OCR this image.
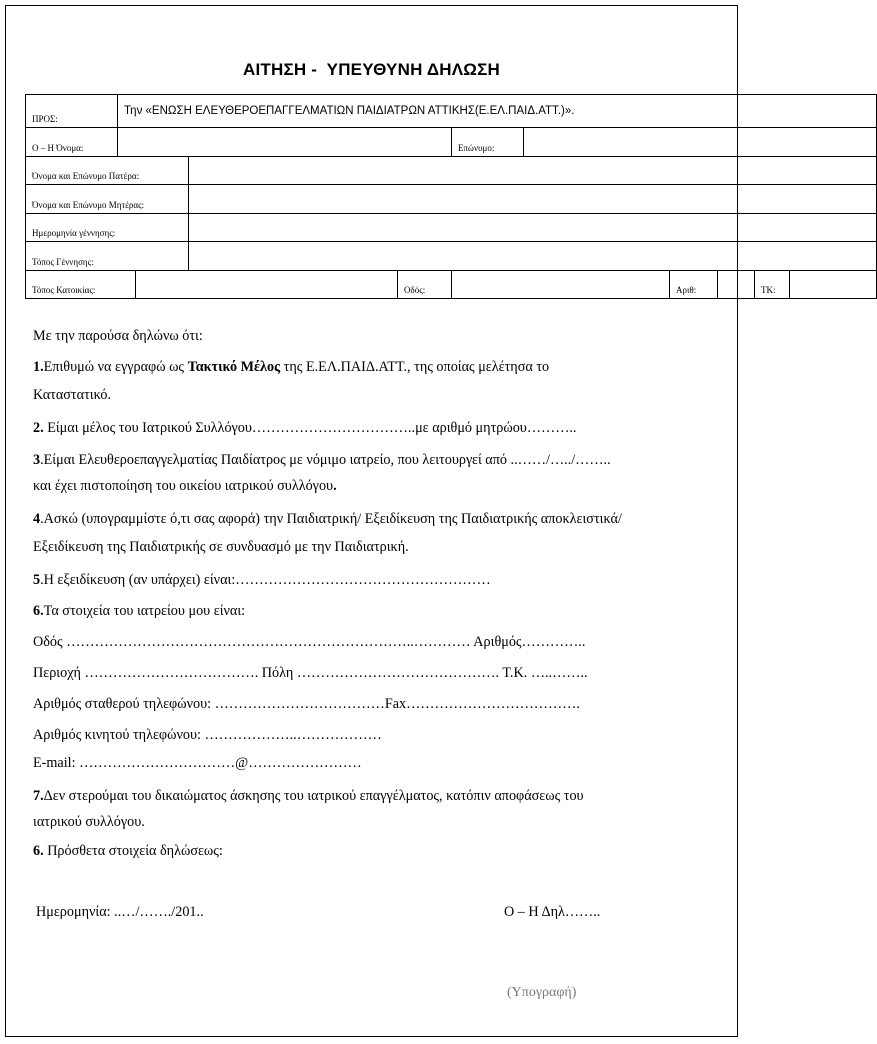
ΑΙΤΗΣΗ -  ΥΠΕΥΘΥΝΗ ΔΗΛΩΣΗ
ΠΡΟΣ:	Την «ΕΝΩΣΗ ΕΛΕΥΘΕΡΟΕΠΑΓΓΕΛΜΑΤΙΩΝ ΠΑΙΔΙΑΤΡΩΝ ΑΤΤΙΚΗΣ(Ε.ΕΛ.ΠΑΙΔ.ΑΤΤ.)».									

Ο – Η Όνομα:					Επώνυμο:					

Όνομα και Επώνυμο Πατέρα:										

Όνομα και Επώνυμο Μητέρας:										

Ημερομηνία γέννησης:										

Τόπος Γέννησης:										

Τόπος Κατοικίας:				Οδός:			Αριθ:		ΤΚ:	

Με την παρούσα δηλώνω ότι:
1.Επιθυμώ να εγγραφώ ως Τακτικό Μέλος της Ε.ΕΛ.ΠΑΙΔ.ΑΤΤ., της οποίας μελέτησα το
Καταστατικό.
2. Είμαι μέλος του Ιατρικού Συλλόγου……………………………..με αριθμό μητρώου………..
3.Είμαι Ελευθεροεπαγγελματίας Παιδίατρος με νόμιμο ιατρείο, που λειτουργεί από ..……/…../……..
και έχει πιστοποίηση του οικείου ιατρικού συλλόγου.
4.Ασκώ (υπογραμμίστε ό,τι σας αφορά) την Παιδιατρική/ Εξειδίκευση της Παιδιατρικής αποκλειστικά/
Εξειδίκευση της Παιδιατρικής σε συνδυασμό με την Παιδιατρική.
5.Η εξειδίκευση (αν υπάρχει) είναι:………………………………………………
6.Τα στοιχεία του ιατρείου μου είναι:
Οδός ………………………………………………………………..………… Αριθμός…………..
Περιοχή ………………………………. Πόλη ……………………………………. Τ.Κ. …..……..
Αριθμός σταθερού τηλεφώνου: ………………………………Fax……………………………….
Αριθμός κινητού τηλεφώνου: ………………..………………
E-mail: ……………………………@……………………
7.Δεν στερούμαι του δικαιώματος άσκησης του ιατρικού επαγγέλματος, κατόπιν αποφάσεως του
ιατρικού συλλόγου.
6. Πρόσθετα στοιχεία δηλώσεως:
Ημερομηνία: ..…/……./201..	Ο – Η Δηλ……..
(Υπογραφή)
